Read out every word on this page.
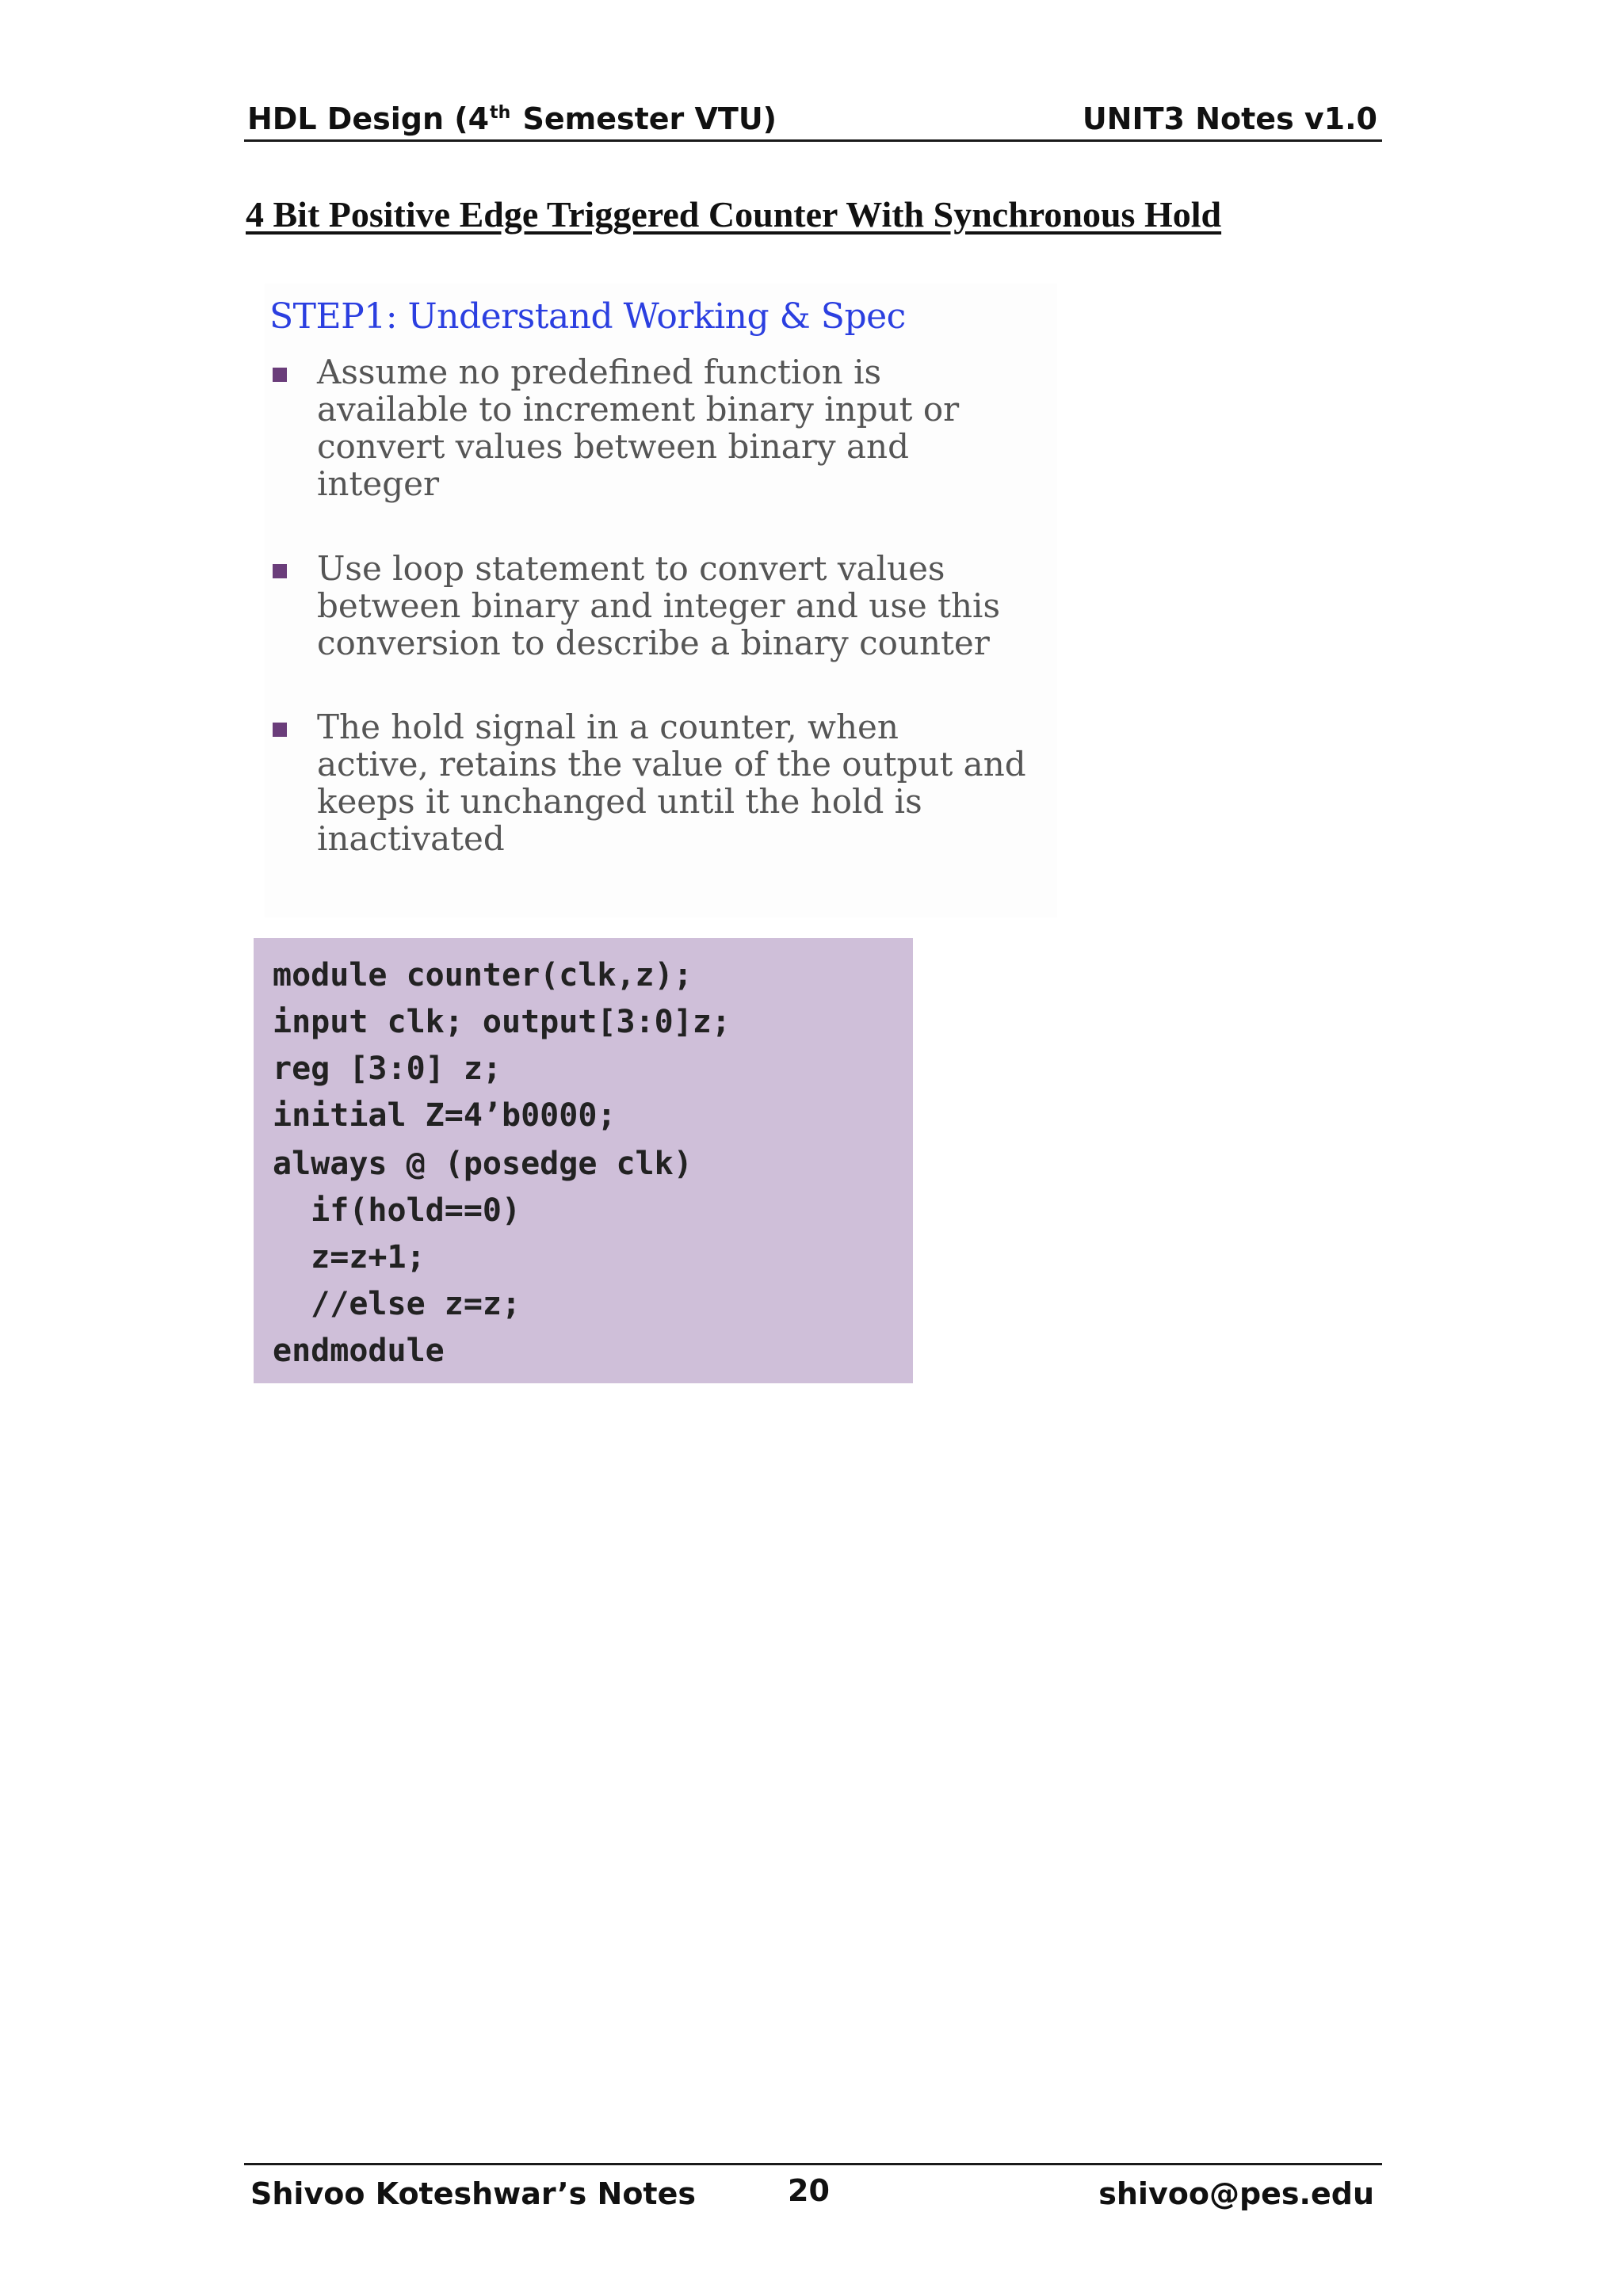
HDL Design (4th Semester VTU)	UNIT3 Notes v1.0
4 Bit Positive Edge Triggered Counter With Synchronous Hold
STEP1: Understand Working & Spec
Assume no predefined function is
available to increment binary input or
convert values between binary and
integer
Use loop statement to convert values
between binary and integer and use this
conversion to describe a binary counter
The hold signal in a counter, when
active, retains the value of the output and
keeps it unchanged until the hold is
inactivated
module counter(clk,z);
input clk; output[3:0]z;
reg [3:0] z;
initial Z=4’b0000;
always @ (posedge clk)
if(hold==0)
z=z+1;
//else z=z;
endmodule
Shivoo Koteshwar’s Notes	20	shivoo@pes.edu
